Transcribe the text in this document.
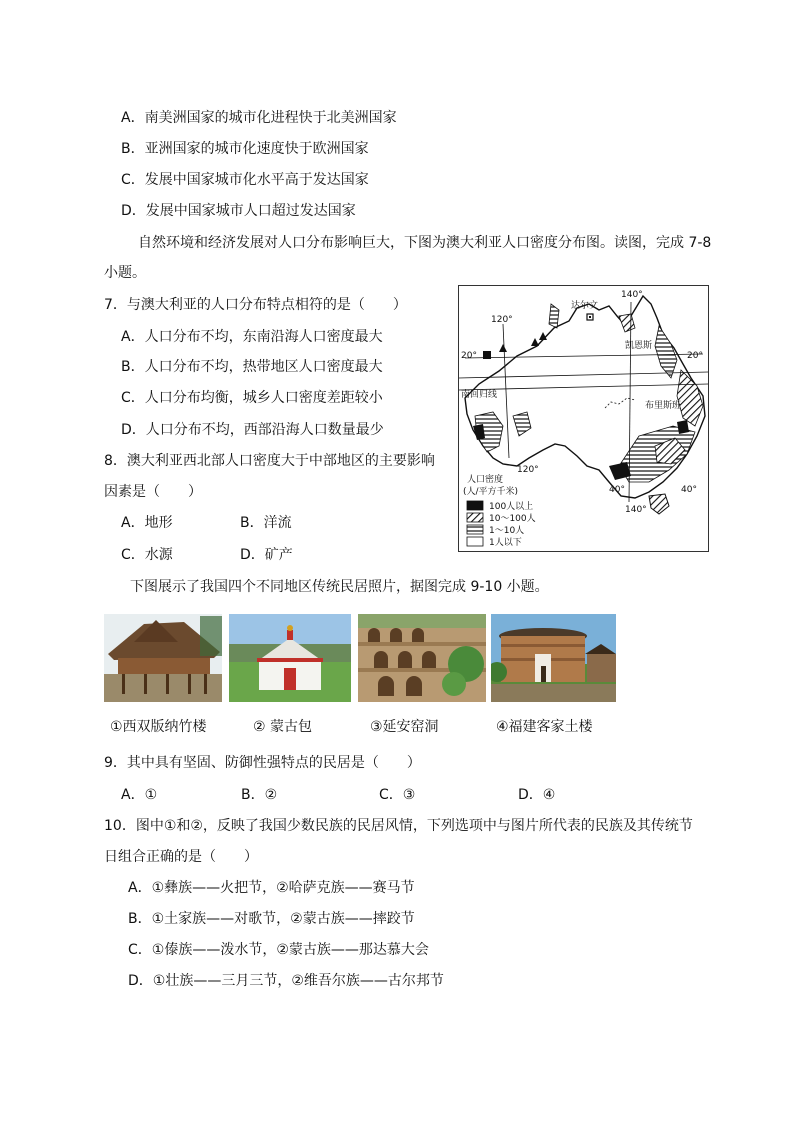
A．南美洲国家的城市化进程快于北美洲国家
B．亚洲国家的城市化速度快于欧洲国家
C．发展中国家城市化水平高于发达国家
D．发展中国家城市人口超过发达国家
自然环境和经济发展对人口分布影响巨大，下图为澳大利亚人口密度分布图。读图，完成 7-8
小题。
7．与澳大利亚的人口分布特点相符的是（　　）
A．人口分布不均，东南沿海人口密度最大
B．人口分布不均，热带地区人口密度最大
C．人口分布均衡，城乡人口密度差距较小
D．人口分布不均，西部沿海人口数量最少
8．澳大利亚西北部人口密度大于中部地区的主要影响
因素是（　　）
A．地形	B．洋流
C．水源	D．矿产
140°
120°
120°
140°
20°	20°
40°	40°
达尔文
凯恩斯
布里斯班
南回归线
人口密度
(人/平方千米)
100人以上
10～100人
1～10人
1人以下
下图展示了我国四个不同地区传统民居照片，据图完成 9-10 小题。
①西双版纳竹楼	② 蒙古包	③延安窑洞	④福建客家土楼
9．其中具有坚固、防御性强特点的民居是（　　）
A．①	B．②	C．③	D．④
10．图中①和②，反映了我国少数民族的民居风情，下列选项中与图片所代表的民族及其传统节
日组合正确的是（　　）
A．①彝族——火把节，②哈萨克族——赛马节
B．①土家族——对歌节，②蒙古族——摔跤节
C．①傣族——泼水节，②蒙古族——那达慕大会
D．①壮族——三月三节，②维吾尔族——古尔邦节
